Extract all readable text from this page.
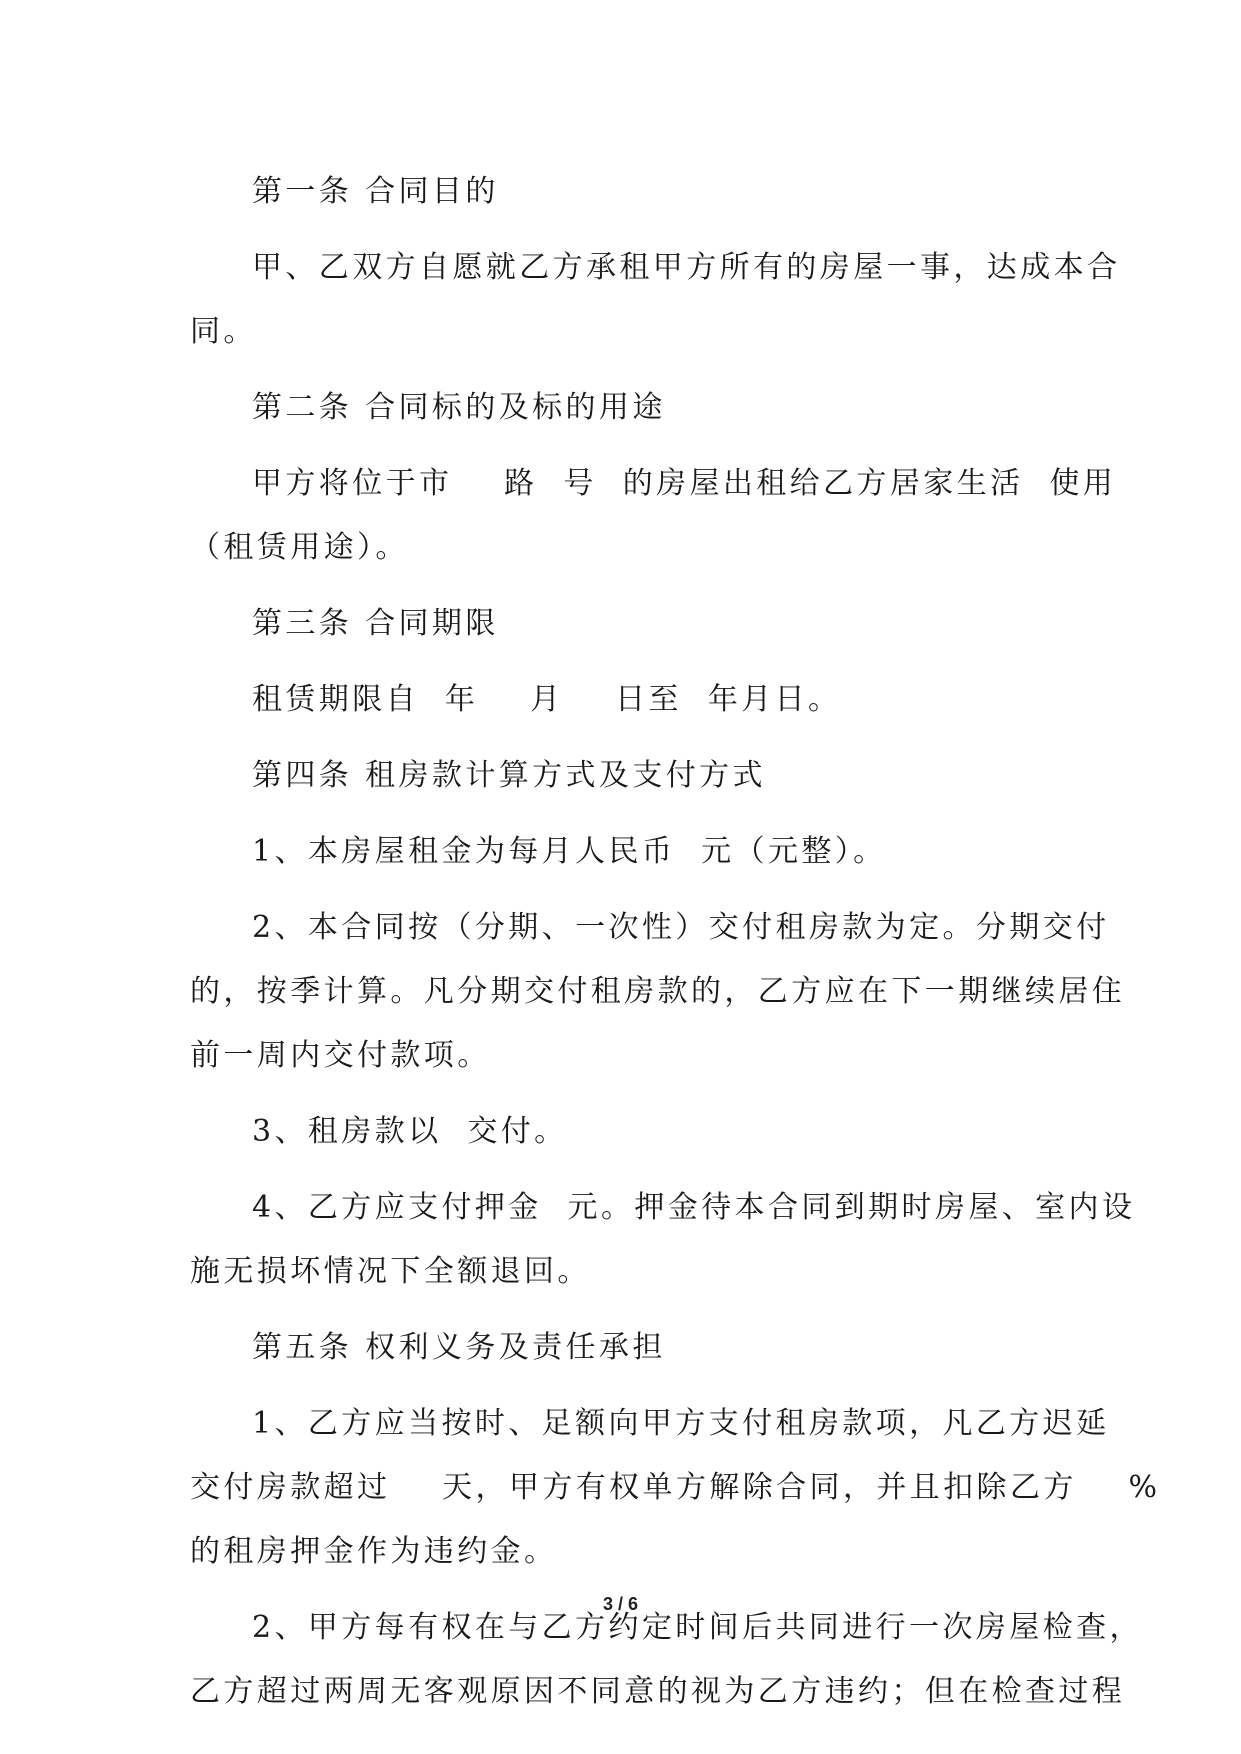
第一条 合同目的
甲、乙双方自愿就乙方承租甲方所有的房屋一事，达成本合
同。
第二条 合同标的及标的用途
甲方将位于市    路  号  的房屋出租给乙方居家生活  使用
（租赁用途）。
第三条 合同期限
租赁期限自  年    月    日至  年月日。
第四条 租房款计算方式及支付方式
1、本房屋租金为每月人民币  元（元整）。
2、本合同按（分期、一次性）交付租房款为定。分期交付
的，按季计算。凡分期交付租房款的，乙方应在下一期继续居住
前一周内交付款项。
3、租房款以  交付。
4、乙方应支付押金  元。押金待本合同到期时房屋、室内设
施无损坏情况下全额退回。
第五条 权利义务及责任承担
1、乙方应当按时、足额向甲方支付租房款项，凡乙方迟延
交付房款超过    天，甲方有权单方解除合同，并且扣除乙方    %
的租房押金作为违约金。
2、甲方每有权在与乙方约定时间后共同进行一次房屋检查，
乙方超过两周无客观原因不同意的视为乙方违约；但在检查过程
3 / 6
